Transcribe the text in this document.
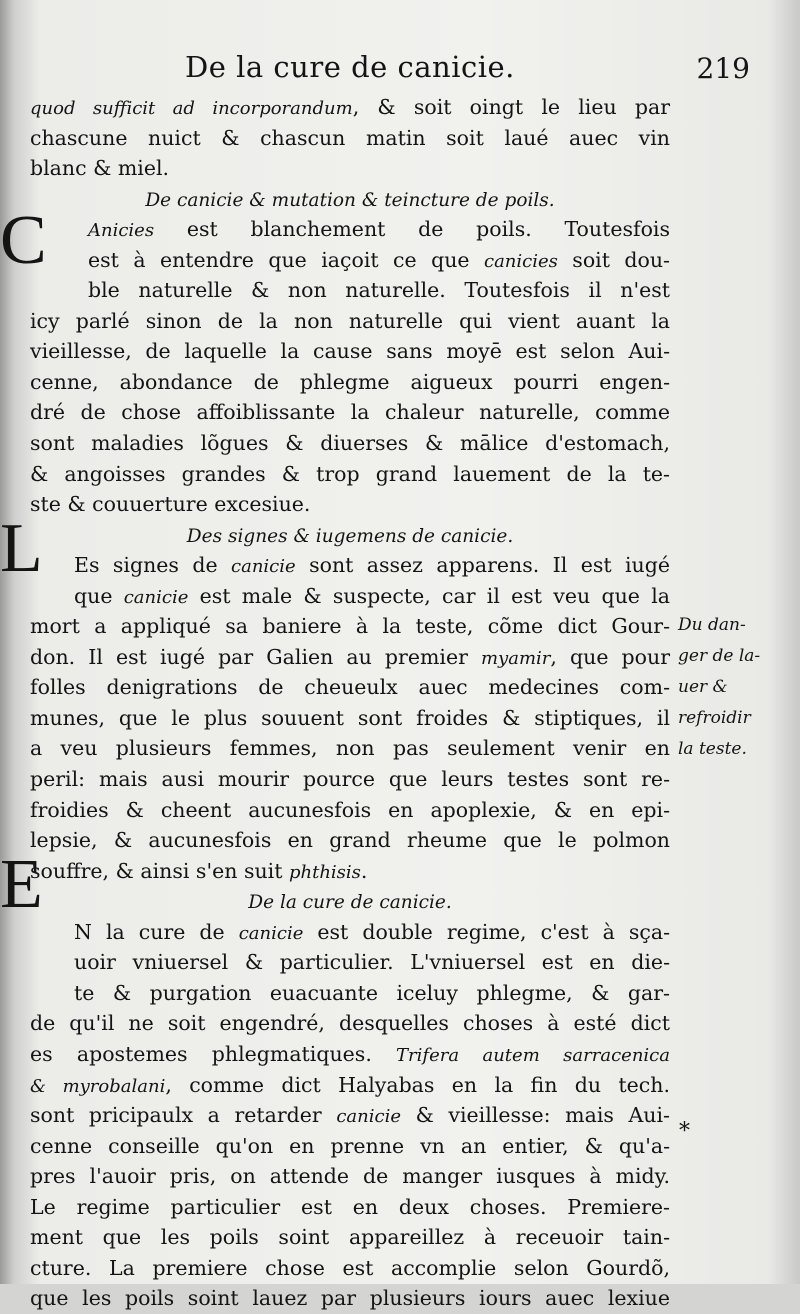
De la cure de canicie.	219
C
L
E
quod sufficit ad incorporandum, & soit oingt le lieu par
chascune nuict & chascun matin soit laué auec vin
blanc & miel.
De canicie & mutation & teincture de poils.
Anicies est blanchement de poils. Toutesfois
est à entendre que iaçoit ce que canicies soit dou-
ble naturelle & non naturelle. Toutesfois il n'est
icy parlé sinon de la non naturelle qui vient auant la
vieillesse, de laquelle la cause sans moyē est selon Aui-
cenne, abondance de phlegme aigueux pourri engen-
dré de chose affoiblissante la chaleur naturelle, comme
sont maladies lõgues & diuerses & mālice d'estomach,
& angoisses grandes & trop grand lauement de la te-
ste & couuerture excesiue.
Des signes & iugemens de canicie.
Es signes de canicie sont assez apparens. Il est iugé
que canicie est male & suspecte, car il est veu que la
mort a appliqué sa baniere à la teste, cõme dict Gour-
don. Il est iugé par Galien au premier myamir, que pour
folles denigrations de cheueulx auec medecines com-
munes, que le plus souuent sont froides & stiptiques, il
a veu plusieurs femmes, non pas seulement venir en
peril: mais ausi mourir pource que leurs testes sont re-
froidies & cheent aucunesfois en apoplexie, & en epi-
lepsie, & aucunesfois en grand rheume que le polmon
souffre, & ainsi s'en suit phthisis.
De la cure de canicie.
N la cure de canicie est double regime, c'est à sça-
uoir vniuersel & particulier. L'vniuersel est en die-
te & purgation euacuante iceluy phlegme, & gar-
de qu'il ne soit engendré, desquelles choses à esté dict
es apostemes phlegmatiques. Trifera autem sarracenica
& myrobalani, comme dict Halyabas en la fin du tech.
sont pricipaulx a retarder canicie & vieillesse: mais Aui-
cenne conseille qu'on en prenne vn an entier, & qu'a-
pres l'auoir pris, on attende de manger iusques à midy.
Le regime particulier est en deux choses. Premiere-
ment que les poils soint appareillez à receuoir tain-
cture. La premiere chose est accomplie selon Gourdõ,
que les poils soint lauez par plusieurs iours auec lexiue
Du dan-
ger de la-
uer &
refroidir
la teste.
*
